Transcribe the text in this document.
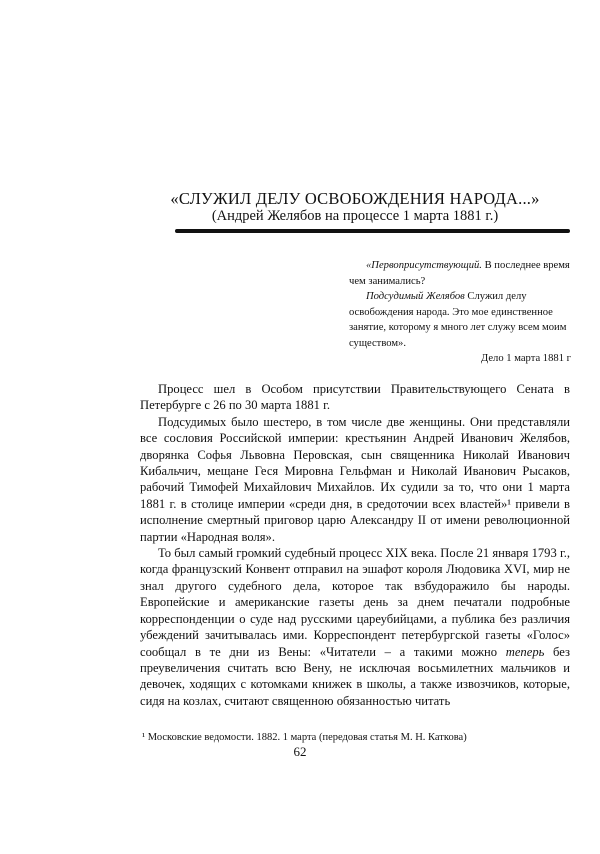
«СЛУЖИЛ ДЕЛУ ОСВОБОЖДЕНИЯ НАРОДА...»
(Андрей Желябов на процессе 1 марта 1881 г.)

«Первоприсутствующий. В последнее время чем занимались?

Подсудимый Желябов Служил делу освобождения народа. Это мое единственное занятие, которому я много лет служу всем моим существом».

Дело 1 марта 1881 г

Процесс шел в Особом присутствии Правительствующего Сената в Петербурге с 26 по 30 марта 1881 г.

Подсудимых было шестеро, в том числе две женщины. Они представляли все сословия Российской империи: крестьянин Андрей Иванович Желябов, дворянка Софья Львовна Перовская, сын священника Николай Иванович Кибальчич, мещане Геся Мировна Гельфман и Николай Иванович Рысаков, рабочий Тимофей Михайлович Михайлов. Их судили за то, что они 1 марта 1881 г. в столице империи «среди дня, в средоточии всех властей»¹ привели в исполнение смертный приговор царю Александру II от имени революционной партии «Народная воля».

То был самый громкий судебный процесс XIX века. После 21 января 1793 г., когда французский Конвент отправил на эшафот короля Людовика XVI, мир не знал другого судебного дела, которое так взбудоражило бы народы. Европейские и американские газеты день за днем печатали подробные корреспонденции о суде над русскими цареубийцами, а публика без различия убеждений зачитывалась ими. Корреспондент петербургской газеты «Голос» сообщал в те дни из Вены: «Читатели – а такими можно теперь без преувеличения считать всю Вену, не исключая восьмилетних мальчиков и девочек, ходящих с котомками книжек в школы, а также извозчиков, которые, сидя на козлах, считают священною обязанностью читать

¹ Московские ведомости. 1882. 1 марта (передовая статья М. Н. Каткова)
62
